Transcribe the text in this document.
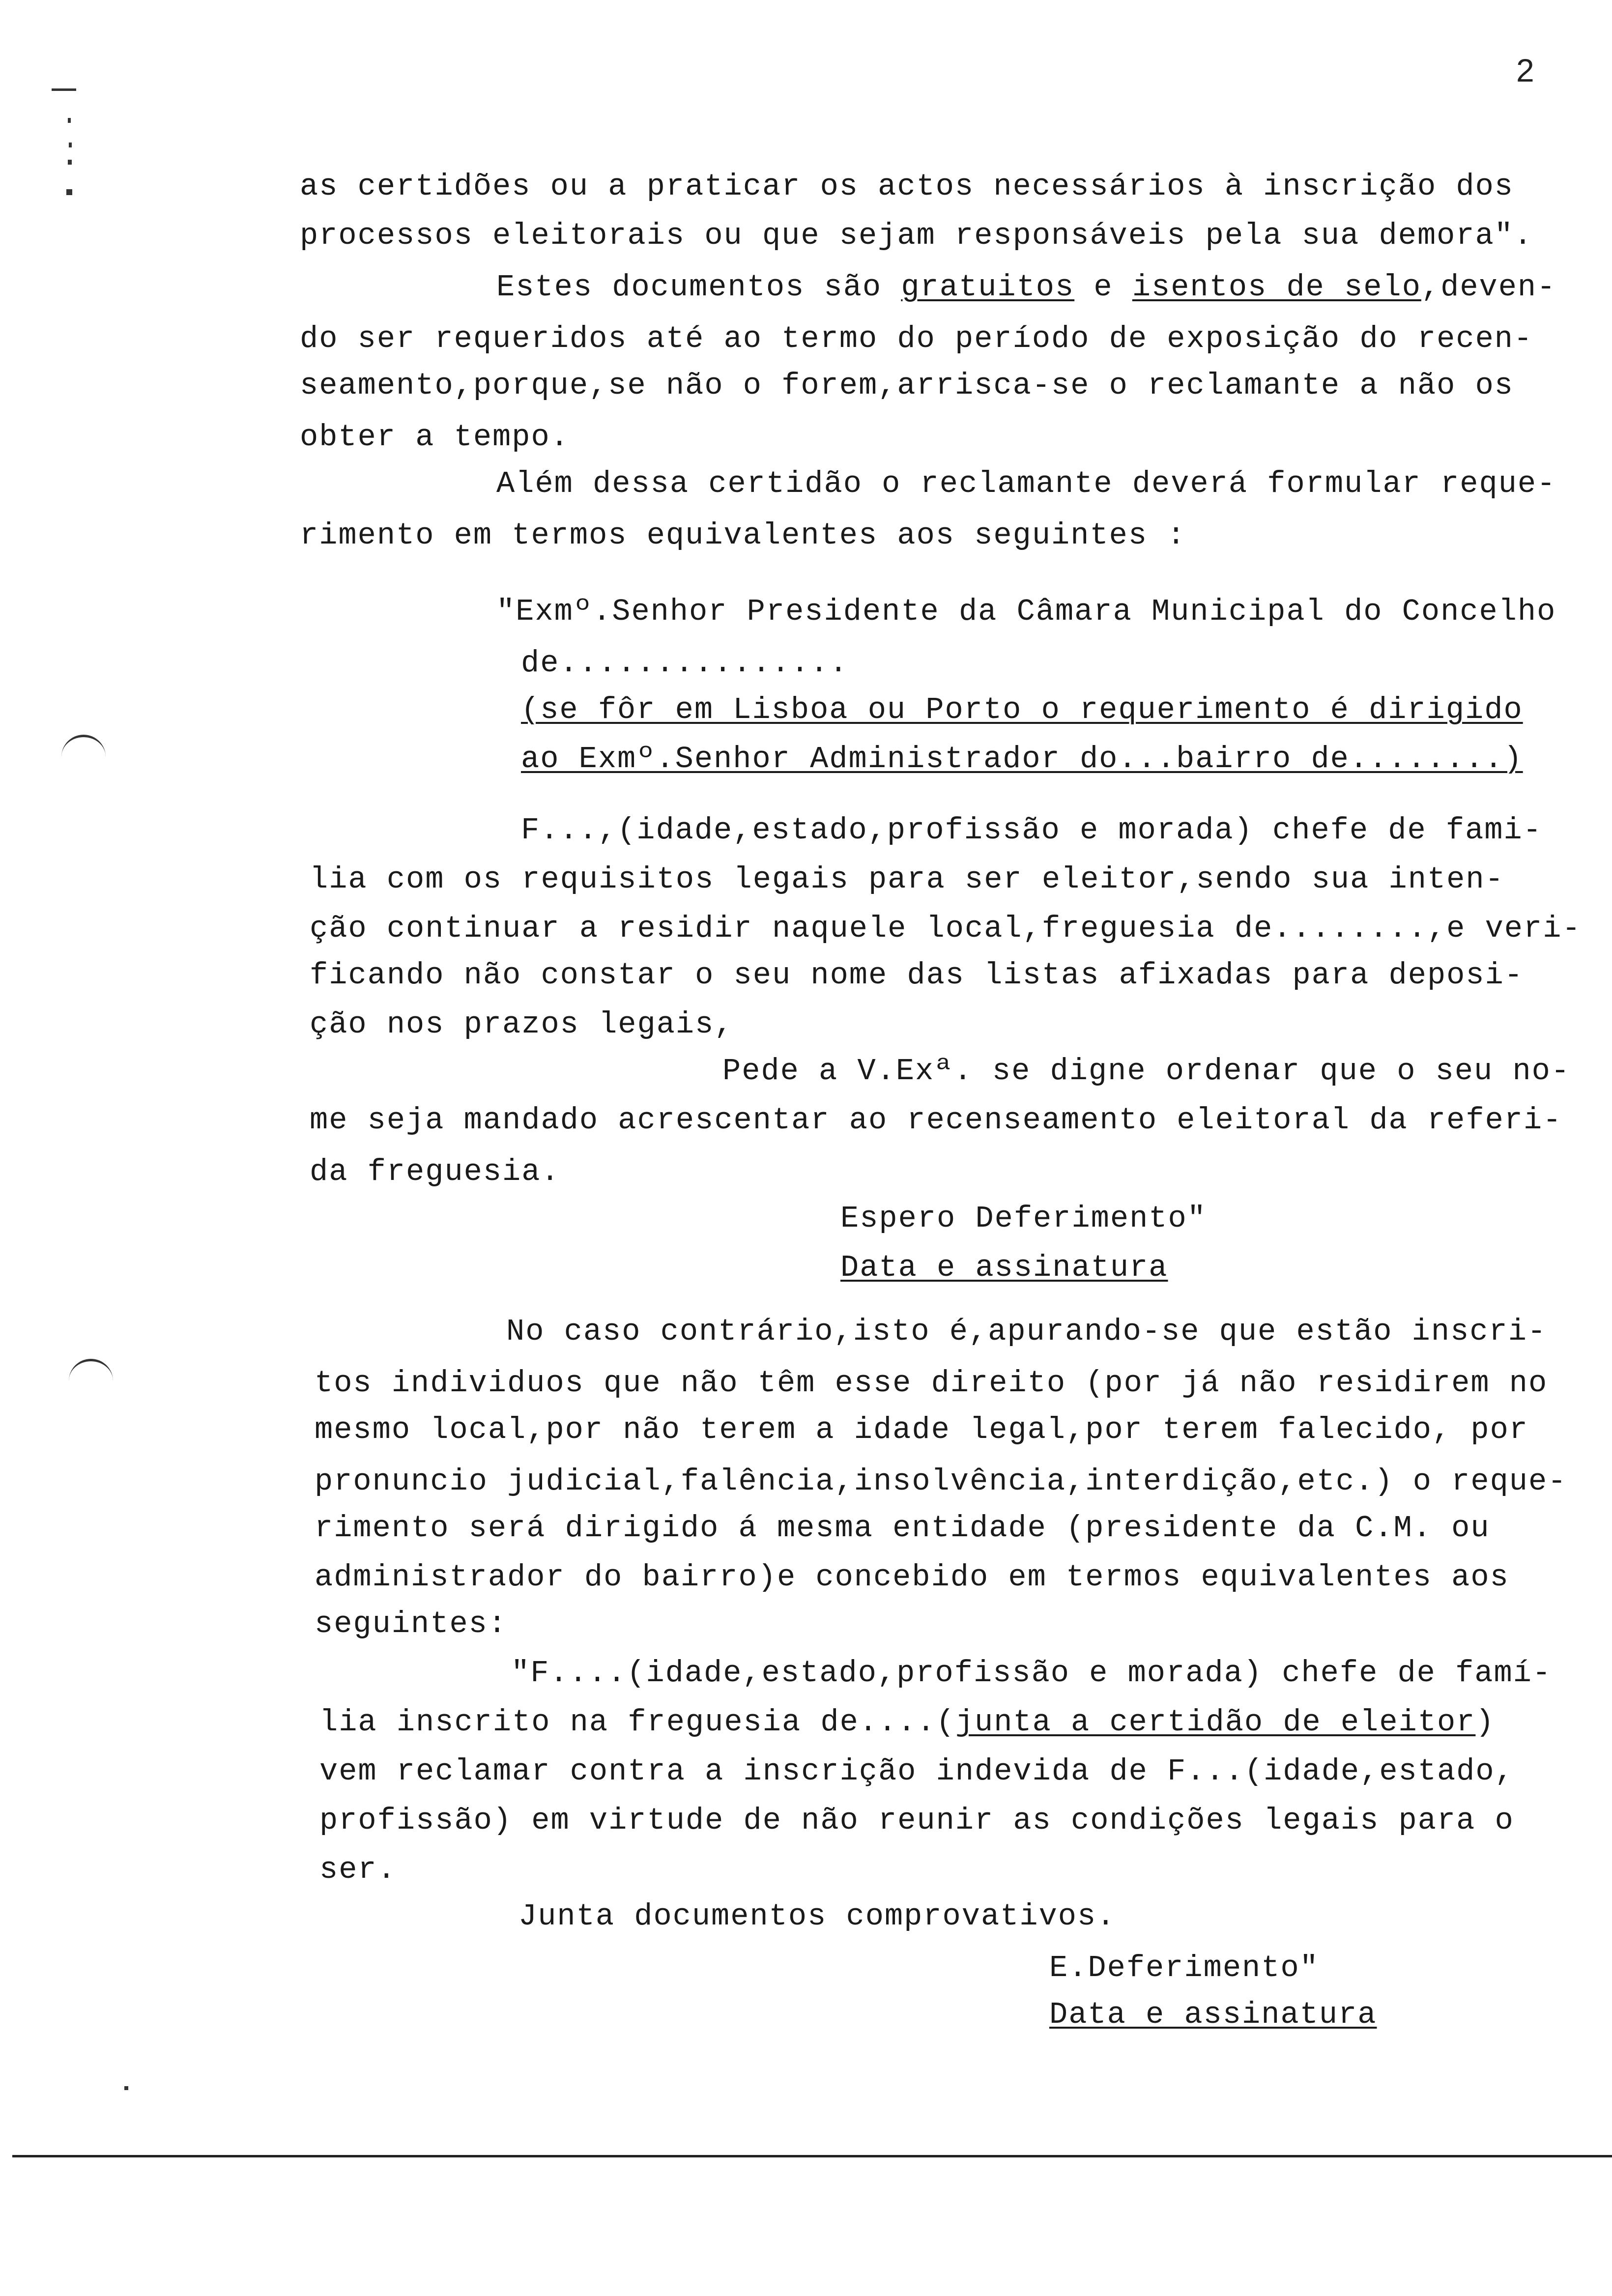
2
as certidões ou a praticar os actos necessários à inscrição dos
processos eleitorais ou que sejam responsáveis pela sua demora".
Estes documentos são gratuitos e isentos de selo,deven-
do ser requeridos até ao termo do período de exposição do recen-
seamento,porque,se não o forem,arrisca-se o reclamante a não os
obter a tempo.
Além dessa certidão o reclamante deverá formular reque-
rimento em termos equivalentes aos seguintes :
"Exmº.Senhor Presidente da Câmara Municipal do Concelho
de...............
(se fôr em Lisboa ou Porto o requerimento é dirigido
ao Exmº.Senhor Administrador do...bairro de........)
F...,(idade,estado,profissão e morada) chefe de fami-
lia com os requisitos legais para ser eleitor,sendo sua inten-
ção continuar a residir naquele local,freguesia de........,e veri-
ficando não constar o seu nome das listas afixadas para deposi-
ção nos prazos legais,
Pede a V.Exª. se digne ordenar que o seu no-
me seja mandado acrescentar ao recenseamento eleitoral da referi-
da freguesia.
Espero Deferimento"
Data e assinatura
No caso contrário,isto é,apurando-se que estão inscri-
tos individuos que não têm esse direito (por já não residirem no
mesmo local,por não terem a idade legal,por terem falecido, por
pronuncio judicial,falência,insolvência,interdição,etc.) o reque-
rimento será dirigido á mesma entidade (presidente da C.M. ou
administrador do bairro)e concebido em termos equivalentes aos
seguintes:
"F....(idade,estado,profissão e morada) chefe de famí-
lia inscrito na freguesia de....(junta a certidão de eleitor)
vem reclamar contra a inscrição indevida de F...(idade,estado,
profissão) em virtude de não reunir as condições legais para o
ser.
Junta documentos comprovativos.
E.Deferimento"
Data e assinatura
